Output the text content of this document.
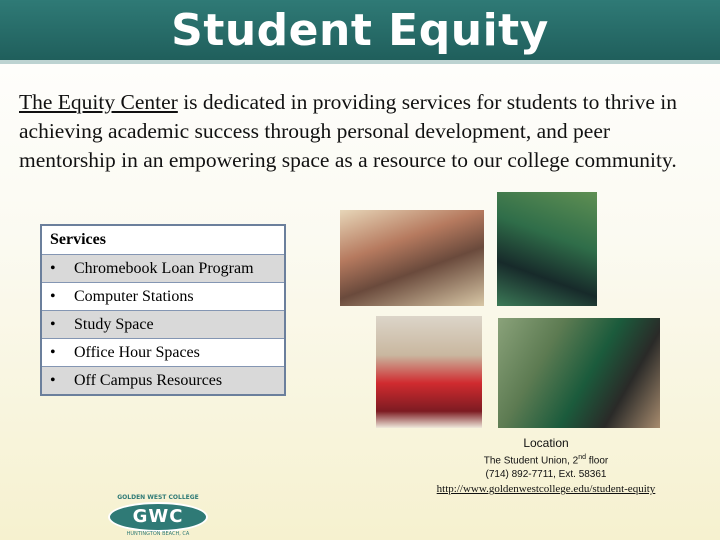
Student Equity
The Equity Center is dedicated in providing services for students to thrive in achieving academic success through personal development, and peer mentorship in an empowering space as a resource to our college community.
Services
• Chromebook Loan Program
• Computer Stations
• Study Space
• Office Hour Spaces
• Off Campus Resources
Location
The Student Union, 2nd floor
(714) 892-7711, Ext. 58361
http://www.goldenwestcollege.edu/student-equity
GOLDEN WEST COLLEGE
GWC
HUNTINGTON BEACH, CA
